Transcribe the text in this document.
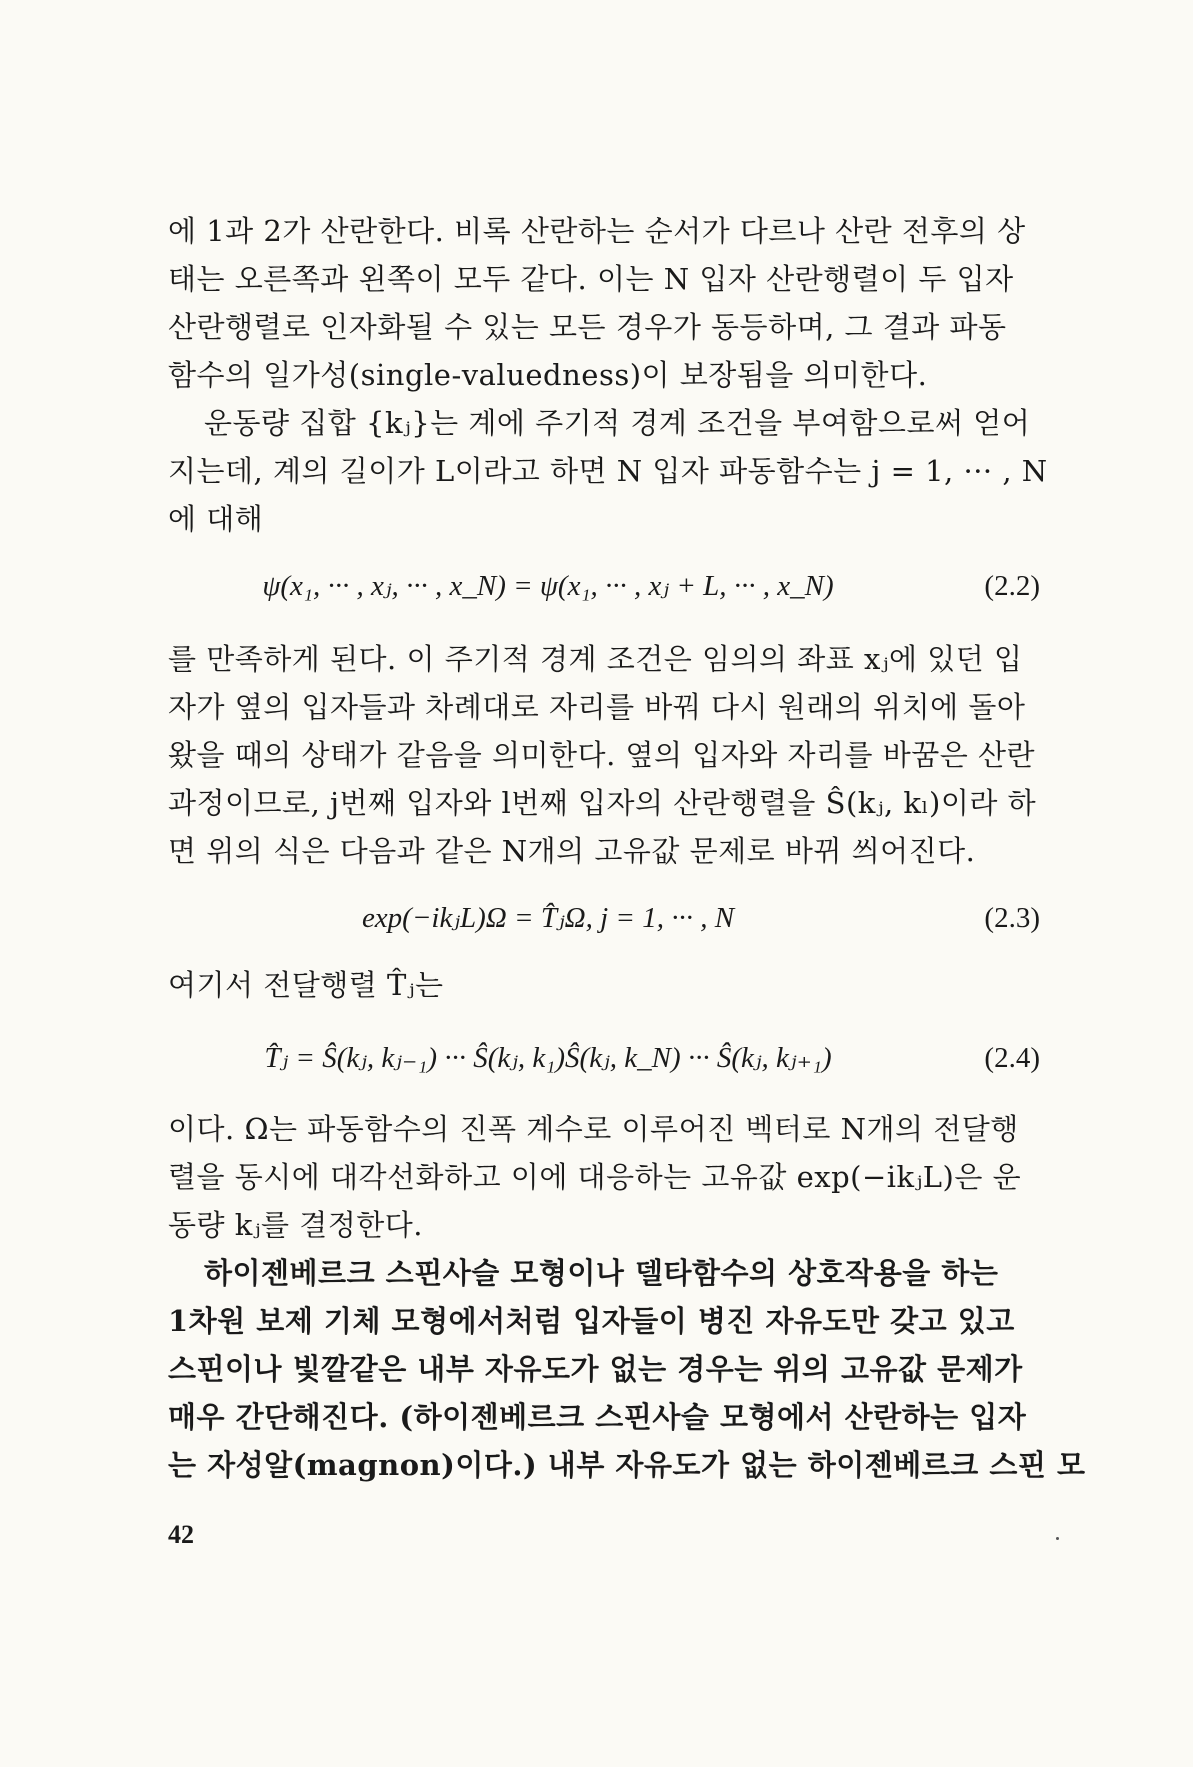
에 1과 2가 산란한다. 비록 산란하는 순서가 다르나 산란 전후의 상
태는 오른쪽과 왼쪽이 모두 같다. 이는 N 입자 산란행렬이 두 입자
산란행렬로 인자화될 수 있는 모든 경우가 동등하며, 그 결과 파동
함수의 일가성(single-valuedness)이 보장됨을 의미한다.
운동량 집합 {kⱼ}는 계에 주기적 경계 조건을 부여함으로써 얻어
지는데, 계의 길이가 L이라고 하면 N 입자 파동함수는 j = 1, ··· , N
에 대해
ψ(x₁, ··· , xⱼ, ··· , x_N) = ψ(x₁, ··· , xⱼ + L, ··· , x_N)	(2.2)
를 만족하게 된다. 이 주기적 경계 조건은 임의의 좌표 xⱼ에 있던 입
자가 옆의 입자들과 차례대로 자리를 바꿔 다시 원래의 위치에 돌아
왔을 때의 상태가 같음을 의미한다. 옆의 입자와 자리를 바꿈은 산란
과정이므로, j번째 입자와 l번째 입자의 산란행렬을 Ŝ(kⱼ, kₗ)이라 하
면 위의 식은 다음과 같은 N개의 고유값 문제로 바뀌 씌어진다.
exp(−ikⱼL)Ω = T̂ⱼΩ, j = 1, ··· , N	(2.3)
여기서 전달행렬 T̂ⱼ는
T̂ⱼ = Ŝ(kⱼ, kⱼ₋₁) ··· Ŝ(kⱼ, k₁)Ŝ(kⱼ, k_N) ··· Ŝ(kⱼ, kⱼ₊₁)	(2.4)
이다. Ω는 파동함수의 진폭 계수로 이루어진 벡터로 N개의 전달행
렬을 동시에 대각선화하고 이에 대응하는 고유값 exp(−ikⱼL)은 운
동량 kⱼ를 결정한다.
하이젠베르크 스핀사슬 모형이나 델타함수의 상호작용을 하는
1차원 보제 기체 모형에서처럼 입자들이 병진 자유도만 갖고 있고
스핀이나 빛깔같은 내부 자유도가 없는 경우는 위의 고유값 문제가
매우 간단해진다. (하이젠베르크 스핀사슬 모형에서 산란하는 입자
는 자성알(magnon)이다.) 내부 자유도가 없는 하이젠베르크 스핀 모
42
